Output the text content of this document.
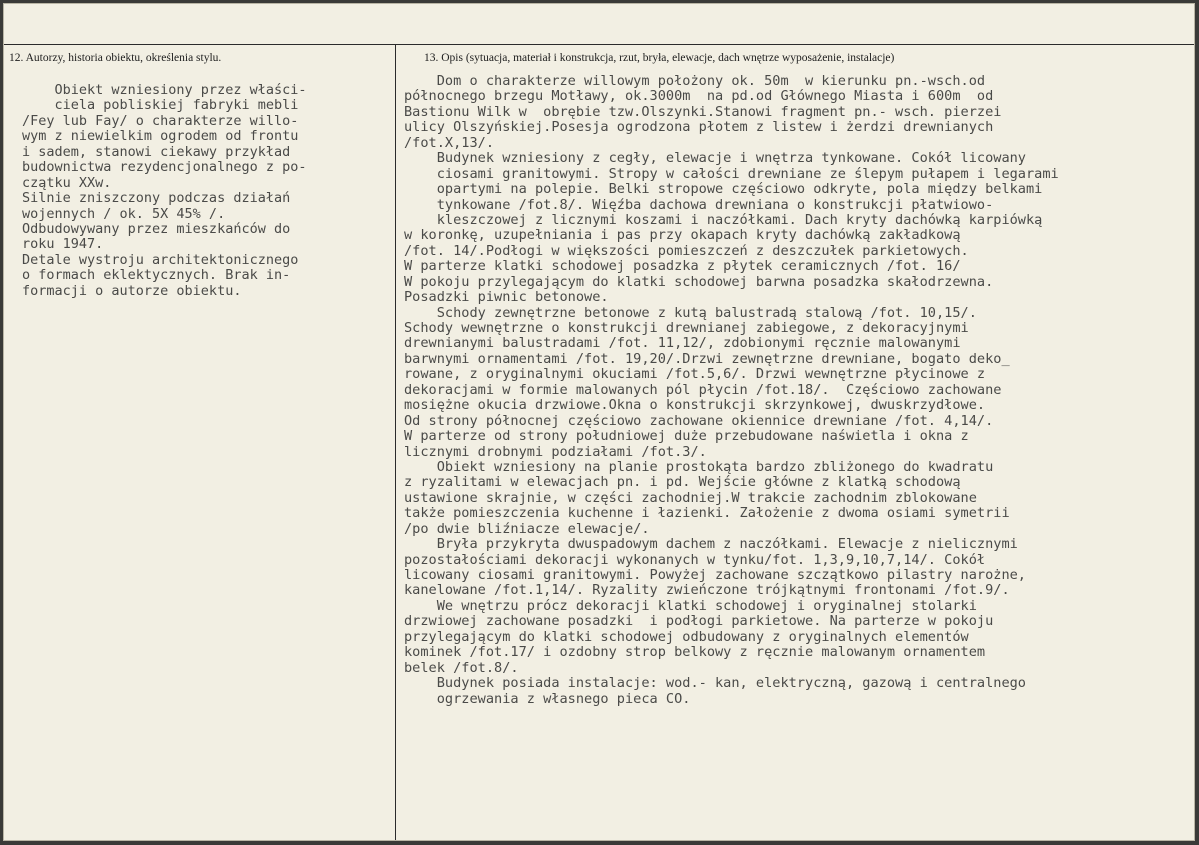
12. Autorzy, historia obiektu, określenia stylu.	13. Opis (sytuacja, materiał i konstrukcja, rzut, bryła, elewacje, dach wnętrze wyposażenie, instalacje)
Obiekt wzniesiony przez właści-
ciela pobliskiej fabryki mebli
/Fey lub Fay/ o charakterze willo-
wym z niewielkim ogrodem od frontu
i sadem, stanowi ciekawy przykład
budownictwa rezydencjonalnego z po-
czątku XXw.
Silnie zniszczony podczas działań
wojennych / ok. 5X 45% /.
Odbudowywany przez mieszkańców do
roku 1947.
Detale wystroju architektonicznego
o formach eklektycznych. Brak in-
formacji o autorze obiektu.
Dom o charakterze willowym położony ok. 50m  w kierunku pn.-wsch.od
północnego brzegu Motławy, ok.3000m  na pd.od Głównego Miasta i 600m  od
Bastionu Wilk w  obrębie tzw.Olszynki.Stanowi fragment pn.- wsch. pierzei
ulicy Olszyńskiej.Posesja ogrodzona płotem z listew i żerdzi drewnianych
/fot.X,13/.
Budynek wzniesiony z cegły, elewacje i wnętrza tynkowane. Cokół licowany
ciosami granitowymi. Stropy w całości drewniane ze ślepym pułapem i legarami
opartymi na polepie. Belki stropowe częściowo odkryte, pola między belkami
tynkowane /fot.8/. Więźba dachowa drewniana o konstrukcji płatwiowo-
kleszczowej z licznymi koszami i naczółkami. Dach kryty dachówką karpiówką
w koronkę, uzupełniania i pas przy okapach kryty dachówką zakładkową
/fot. 14/.Podłogi w większości pomieszczeń z deszczułek parkietowych.
W parterze klatki schodowej posadzka z płytek ceramicznych /fot. 16/
W pokoju przylegającym do klatki schodowej barwna posadzka skałodrzewna.
Posadzki piwnic betonowe.
Schody zewnętrzne betonowe z kutą balustradą stalową /fot. 10,15/.
Schody wewnętrzne o konstrukcji drewnianej zabiegowe, z dekoracyjnymi
drewnianymi balustradami /fot. 11,12/, zdobionymi ręcznie malowanymi
barwnymi ornamentami /fot. 19,20/.Drzwi zewnętrzne drewniane, bogato deko_
rowane, z oryginalnymi okuciami /fot.5,6/. Drzwi wewnętrzne płycinowe z
dekoracjami w formie malowanych pól płycin /fot.18/.  Częściowo zachowane
mosiężne okucia drzwiowe.Okna o konstrukcji skrzynkowej, dwuskrzydłowe.
Od strony północnej częściowo zachowane okiennice drewniane /fot. 4,14/.
W parterze od strony południowej duże przebudowane naświetla i okna z
licznymi drobnymi podziałami /fot.3/.
Obiekt wzniesiony na planie prostokąta bardzo zbliżonego do kwadratu
z ryzalitami w elewacjach pn. i pd. Wejście główne z klatką schodową
ustawione skrajnie, w części zachodniej.W trakcie zachodnim zblokowane
także pomieszczenia kuchenne i łazienki. Założenie z dwoma osiami symetrii
/po dwie bliźniacze elewacje/.
Bryła przykryta dwuspadowym dachem z naczółkami. Elewacje z nielicznymi
pozostałościami dekoracji wykonanych w tynku/fot. 1,3,9,10,7,14/. Cokół
licowany ciosami granitowymi. Powyżej zachowane szczątkowo pilastry narożne,
kanelowane /fot.1,14/. Ryzality zwieńczone trójkątnymi frontonami /fot.9/.
We wnętrzu prócz dekoracji klatki schodowej i oryginalnej stolarki
drzwiowej zachowane posadzki  i podłogi parkietowe. Na parterze w pokoju
przylegającym do klatki schodowej odbudowany z oryginalnych elementów
kominek /fot.17/ i ozdobny strop belkowy z ręcznie malowanym ornamentem
belek /fot.8/.
Budynek posiada instalacje: wod.- kan, elektryczną, gazową i centralnego
ogrzewania z własnego pieca CO.
